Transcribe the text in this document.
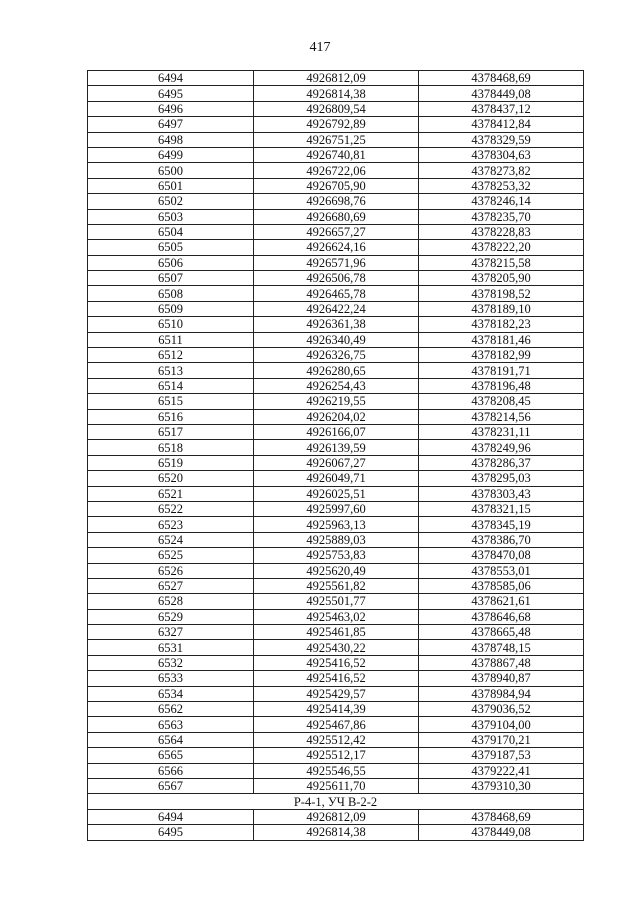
417
6494	4926812,09	4378468,69
6495	4926814,38	4378449,08
6496	4926809,54	4378437,12
6497	4926792,89	4378412,84
6498	4926751,25	4378329,59
6499	4926740,81	4378304,63
6500	4926722,06	4378273,82
6501	4926705,90	4378253,32
6502	4926698,76	4378246,14
6503	4926680,69	4378235,70
6504	4926657,27	4378228,83
6505	4926624,16	4378222,20
6506	4926571,96	4378215,58
6507	4926506,78	4378205,90
6508	4926465,78	4378198,52
6509	4926422,24	4378189,10
6510	4926361,38	4378182,23
6511	4926340,49	4378181,46
6512	4926326,75	4378182,99
6513	4926280,65	4378191,71
6514	4926254,43	4378196,48
6515	4926219,55	4378208,45
6516	4926204,02	4378214,56
6517	4926166,07	4378231,11
6518	4926139,59	4378249,96
6519	4926067,27	4378286,37
6520	4926049,71	4378295,03
6521	4926025,51	4378303,43
6522	4925997,60	4378321,15
6523	4925963,13	4378345,19
6524	4925889,03	4378386,70
6525	4925753,83	4378470,08
6526	4925620,49	4378553,01
6527	4925561,82	4378585,06
6528	4925501,77	4378621,61
6529	4925463,02	4378646,68
6327	4925461,85	4378665,48
6531	4925430,22	4378748,15
6532	4925416,52	4378867,48
6533	4925416,52	4378940,87
6534	4925429,57	4378984,94
6562	4925414,39	4379036,52
6563	4925467,86	4379104,00
6564	4925512,42	4379170,21
6565	4925512,17	4379187,53
6566	4925546,55	4379222,41
6567	4925611,70	4379310,30
Р-4-1, УЧ В-2-2		
6494	4926812,09	4378468,69
6495	4926814,38	4378449,08
